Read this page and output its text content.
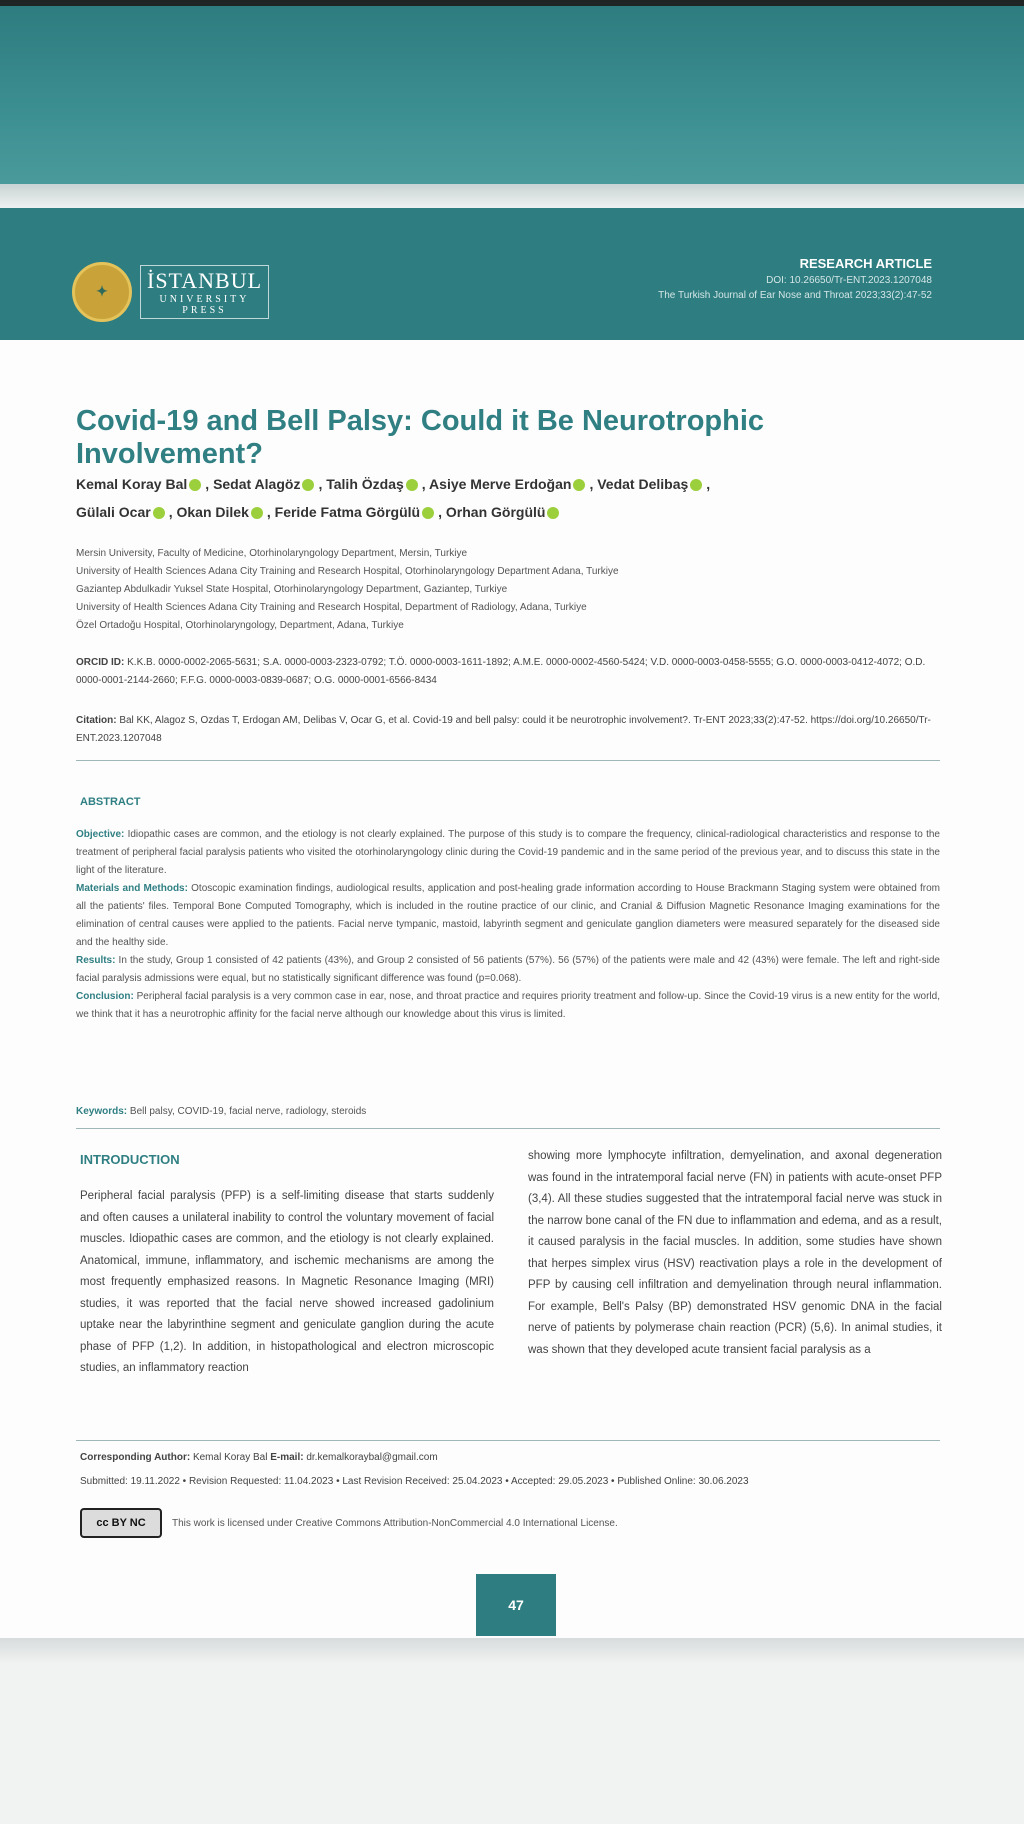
✦	İSTANBUL
UNIVERSITY
PRESS
RESEARCH ARTICLE
DOI: 10.26650/Tr-ENT.2023.1207048
The Turkish Journal of Ear Nose and Throat 2023;33(2):47-52
Covid-19 and Bell Palsy: Could it Be Neurotrophic Involvement?
Kemal Koray Bal , Sedat Alagöz , Talih Özdaş , Asiye Merve Erdoğan , Vedat Delibaş ,
Gülali Ocar , Okan Dilek , Feride Fatma Görgülü , Orhan Görgülü
Mersin University, Faculty of Medicine, Otorhinolaryngology Department, Mersin, Turkiye
University of Health Sciences Adana City Training and Research Hospital, Otorhinolaryngology Department Adana, Turkiye
Gaziantep Abdulkadir Yuksel State Hospital, Otorhinolaryngology Department, Gaziantep, Turkiye
University of Health Sciences Adana City Training and Research Hospital, Department of Radiology, Adana, Turkiye
Özel Ortadoğu Hospital, Otorhinolaryngology, Department, Adana, Turkiye
ORCID ID: K.K.B. 0000-0002-2065-5631; S.A. 0000-0003-2323-0792; T.Ö. 0000-0003-1611-1892; A.M.E. 0000-0002-4560-5424; V.D. 0000-0003-0458-5555; G.O. 0000-0003-0412-4072; O.D. 0000-0001-2144-2660; F.F.G. 0000-0003-0839-0687; O.G. 0000-0001-6566-8434
Citation: Bal KK, Alagoz S, Ozdas T, Erdogan AM, Delibas V, Ocar G, et al. Covid-19 and bell palsy: could it be neurotrophic involvement?. Tr-ENT 2023;33(2):47-52. https://doi.org/10.26650/Tr-ENT.2023.1207048
ABSTRACT
Objective: Idiopathic cases are common, and the etiology is not clearly explained. The purpose of this study is to compare the frequency, clinical-radiological characteristics and response to the treatment of peripheral facial paralysis patients who visited the otorhinolaryngology clinic during the Covid-19 pandemic and in the same period of the previous year, and to discuss this state in the light of the literature.
Materials and Methods: Otoscopic examination findings, audiological results, application and post-healing grade information according to House Brackmann Staging system were obtained from all the patients' files. Temporal Bone Computed Tomography, which is included in the routine practice of our clinic, and Cranial & Diffusion Magnetic Resonance Imaging examinations for the elimination of central causes were applied to the patients. Facial nerve tympanic, mastoid, labyrinth segment and geniculate ganglion diameters were measured separately for the diseased side and the healthy side.
Results: In the study, Group 1 consisted of 42 patients (43%), and Group 2 consisted of 56 patients (57%). 56 (57%) of the patients were male and 42 (43%) were female. The left and right-side facial paralysis admissions were equal, but no statistically significant difference was found (p=0.068).
Conclusion: Peripheral facial paralysis is a very common case in ear, nose, and throat practice and requires priority treatment and follow-up. Since the Covid-19 virus is a new entity for the world, we think that it has a neurotrophic affinity for the facial nerve although our knowledge about this virus is limited.
Keywords: Bell palsy, COVID-19, facial nerve, radiology, steroids
INTRODUCTION
Peripheral facial paralysis (PFP) is a self-limiting disease that starts suddenly and often causes a unilateral inability to control the voluntary movement of facial muscles. Idiopathic cases are common, and the etiology is not clearly explained. Anatomical, immune, inflammatory, and ischemic mechanisms are among the most frequently emphasized reasons. In Magnetic Resonance Imaging (MRI) studies, it was reported that the facial nerve showed increased gadolinium uptake near the labyrinthine segment and geniculate ganglion during the acute phase of PFP (1,2). In addition, in histopathological and electron microscopic studies, an inflammatory reaction
showing more lymphocyte infiltration, demyelination, and axonal degeneration was found in the intratemporal facial nerve (FN) in patients with acute-onset PFP (3,4). All these studies suggested that the intratemporal facial nerve was stuck in the narrow bone canal of the FN due to inflammation and edema, and as a result, it caused paralysis in the facial muscles. In addition, some studies have shown that herpes simplex virus (HSV) reactivation plays a role in the development of PFP by causing cell infiltration and demyelination through neural inflammation. For example, Bell's Palsy (BP) demonstrated HSV genomic DNA in the facial nerve of patients by polymerase chain reaction (PCR) (5,6). In animal studies, it was shown that they developed acute transient facial paralysis as a
Corresponding Author: Kemal Koray Bal E-mail: dr.kemalkoraybal@gmail.com
Submitted: 19.11.2022 • Revision Requested: 11.04.2023 • Last Revision Received: 25.04.2023 • Accepted: 29.05.2023 • Published Online: 30.06.2023
cc BY NC	This work is licensed under Creative Commons Attribution-NonCommercial 4.0 International License.
47
